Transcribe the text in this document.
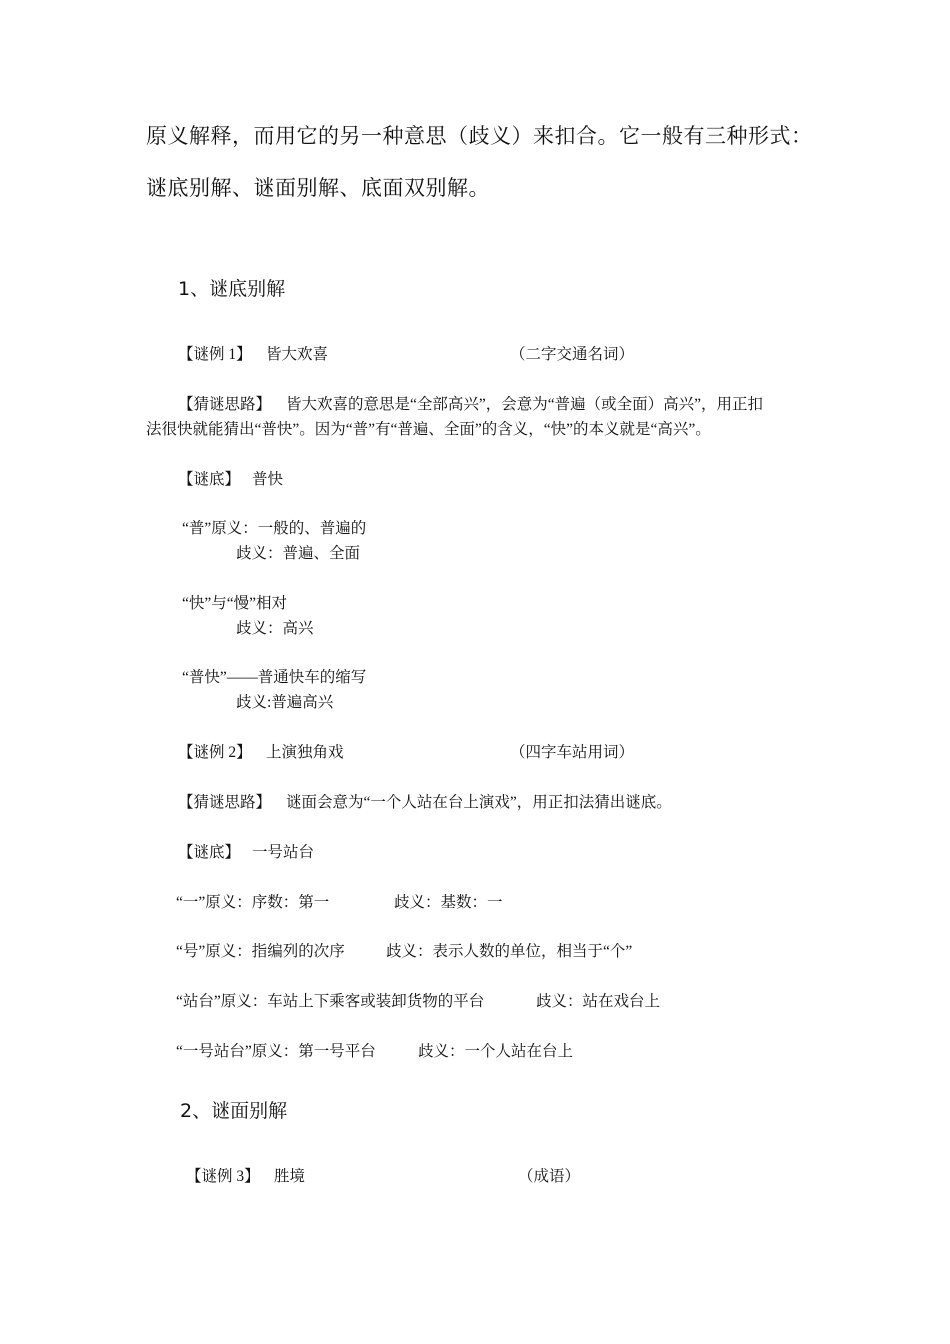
原义解释，而用它的另一种意思（歧义）来扣合。它一般有三种形式：
谜底别解、谜面别解、底面双别解。
1、谜底别解
【谜例 1】 皆大欢喜	（二字交通名词）
【猜谜思路】 皆大欢喜的意思是“全部高兴”，会意为“普遍（或全面）高兴”，用正扣
法很快就能猜出“普快”。因为“普”有“普遍、全面”的含义，“快”的本义就是“高兴”。
【谜底】 普快
“普”原义：一般的、普遍的
歧义：普遍、全面
“快”与“慢”相对
歧义：高兴
“普快”——普通快车的缩写
歧义:普遍高兴
【谜例 2】 上演独角戏	（四字车站用词）
【猜谜思路】 谜面会意为“一个人站在台上演戏”，用正扣法猜出谜底。
【谜底】 一号站台
“一”原义：序数：第一	歧义：基数：一
“号”原义：指编列的次序	歧义：表示人数的单位，相当于“个”
“站台”原义：车站上下乘客或装卸货物的平台	歧义：站在戏台上
“一号站台”原义：第一号平台	歧义：一个人站在台上
2、谜面别解
【谜例 3】 胜境	（成语）
